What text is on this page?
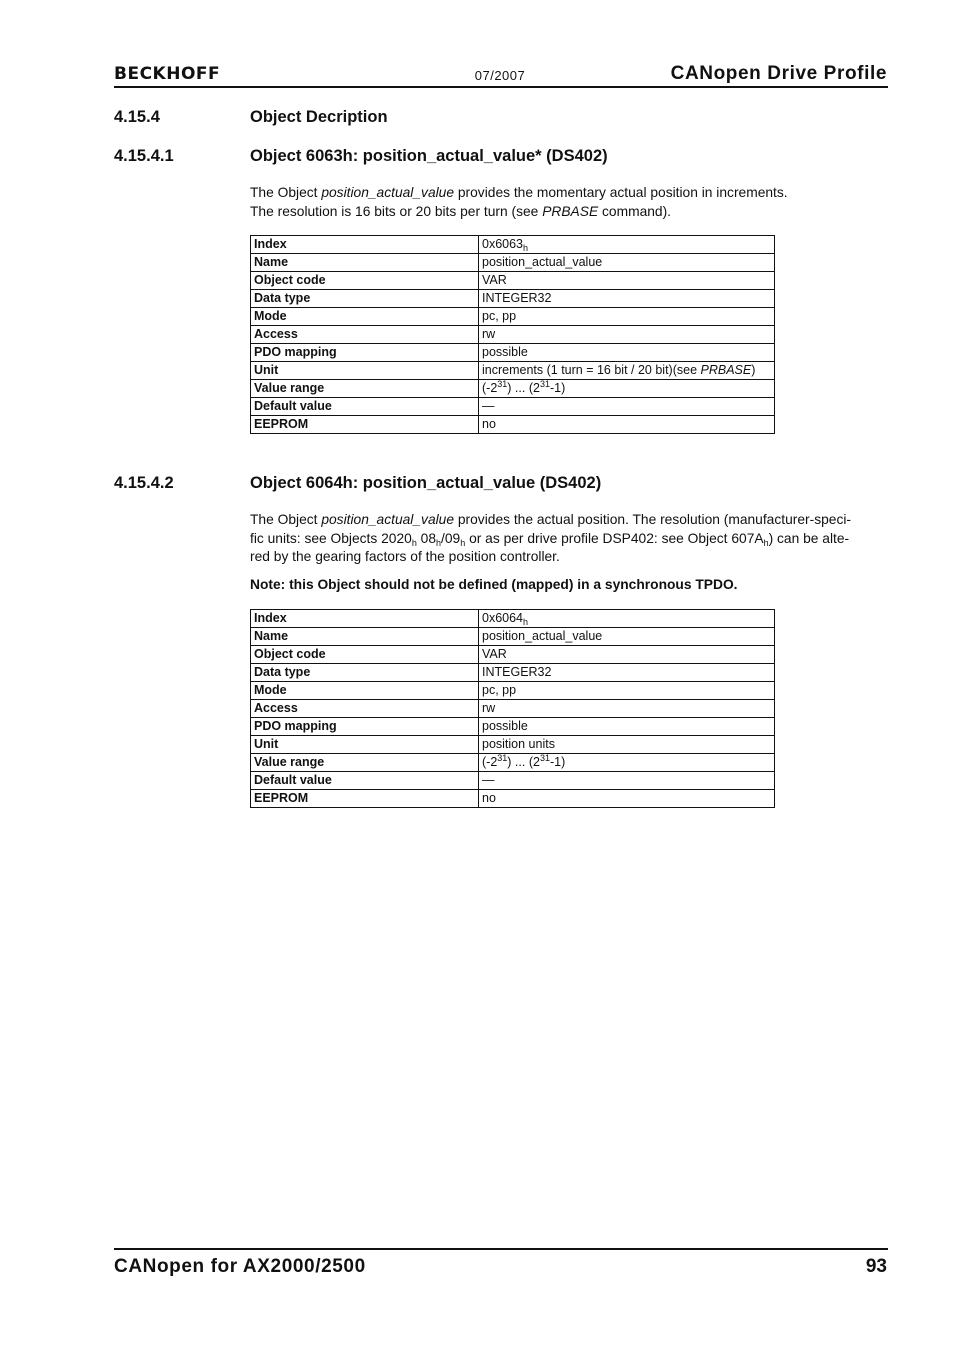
BECKHOFF	07/2007	CANopen Drive Profile
4.15.4	Object Decription
4.15.4.1	Object 6063h: position_actual_value* (DS402)
The Object position_actual_value provides the momentary actual position in increments.
The resolution is 16 bits or 20 bits per turn (see PRBASE command).
Index	$0x6063_h$
Name	position_actual_value
Object code	VAR
Data type	INTEGER32
Mode	pc, pp
Access	rw
PDO mapping	possible
Unit	increments (1 turn = 16 bit / 20 bit)(see PRBASE)
Value range	$(-2^{31})$ ... $(2^{31}-1)$
Default value	—
EEPROM	no
4.15.4.2	Object 6064h: position_actual_value (DS402)
The Object position_actual_value provides the actual position. The resolution (manufacturer-speci-
fic units: see Objects $2020_h$ $08_h/09_h$ or as per drive profile DSP402: see Object $607A_h$) can be alte-
red by the gearing factors of the position controller.
Note: this Object should not be defined (mapped) in a synchronous TPDO.
Index	$0x6064_h$
Name	position_actual_value
Object code	VAR
Data type	INTEGER32
Mode	pc, pp
Access	rw
PDO mapping	possible
Unit	position units
Value range	$(-2^{31})$ ... $(2^{31}-1)$
Default value	—
EEPROM	no
CANopen for AX2000/2500	93
